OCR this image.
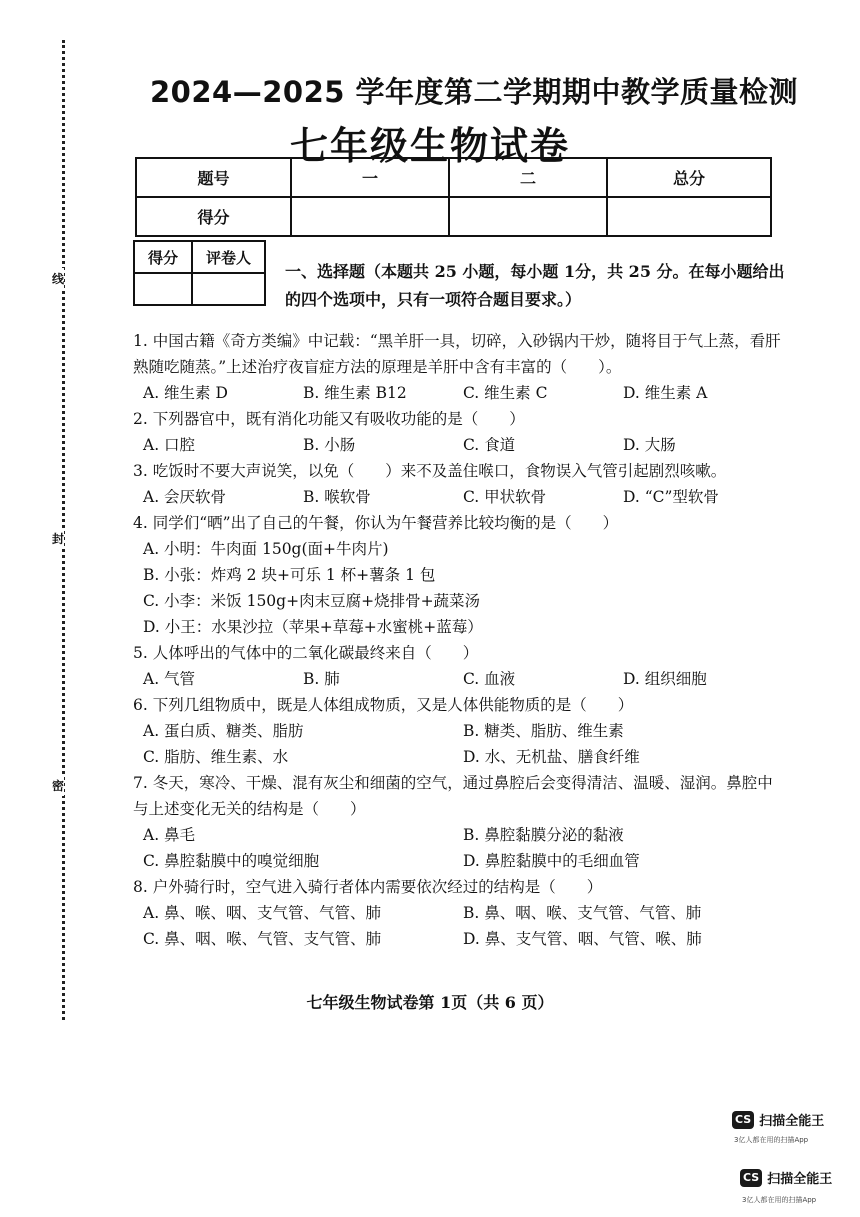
线
封
密
2024—2025 学年度第二学期期中教学质量检测
七年级生物试卷
题号	一	二	总分
得分			
得分	评卷人

一、选择题（本题共 25 小题，每小题 1分，共 25 分。在每小题给出的四个选项中，只有一项符合题目要求。）
1. 中国古籍《奇方类编》中记载：“黑羊肝一具，切碎，入砂锅内干炒，随将目于气上蒸，看肝熟随吃随蒸。”上述治疗夜盲症方法的原理是羊肝中含有丰富的（　　）。
A. 维生素 D	B. 维生素 B12	C. 维生素 C	D. 维生素 A
2. 下列器官中，既有消化功能又有吸收功能的是（　　）
A. 口腔	B. 小肠	C. 食道	D. 大肠
3. 吃饭时不要大声说笑，以免（　　）来不及盖住喉口，食物误入气管引起剧烈咳嗽。
A. 会厌软骨	B. 喉软骨	C. 甲状软骨	D. “C”型软骨
4. 同学们“晒”出了自己的午餐，你认为午餐营养比较均衡的是（　　）
A. 小明：牛肉面 150g(面+牛肉片)
B. 小张：炸鸡 2 块+可乐 1 杯+薯条 1 包
C. 小李：米饭 150g+肉末豆腐+烧排骨+蔬菜汤
D. 小王：水果沙拉（苹果+草莓+水蜜桃+蓝莓）
5. 人体呼出的气体中的二氧化碳最终来自（　　）
A. 气管	B. 肺	C. 血液	D. 组织细胞
6. 下列几组物质中，既是人体组成物质，又是人体供能物质的是（　　）
A. 蛋白质、糖类、脂肪	B. 糖类、脂肪、维生素
C. 脂肪、维生素、水	D. 水、无机盐、膳食纤维
7. 冬天，寒冷、干燥、混有灰尘和细菌的空气，通过鼻腔后会变得清洁、温暖、湿润。鼻腔中与上述变化无关的结构是（　　）
A. 鼻毛	B. 鼻腔黏膜分泌的黏液
C. 鼻腔黏膜中的嗅觉细胞	D. 鼻腔黏膜中的毛细血管
8. 户外骑行时，空气进入骑行者体内需要依次经过的结构是（　　）
A. 鼻、喉、咽、支气管、气管、肺	B. 鼻、咽、喉、支气管、气管、肺
C. 鼻、咽、喉、气管、支气管、肺	D. 鼻、支气管、咽、气管、喉、肺
七年级生物试卷第 1页（共 6 页）
CS 扫描全能王
3亿人都在用的扫描App
CS 扫描全能王
3亿人都在用的扫描App
